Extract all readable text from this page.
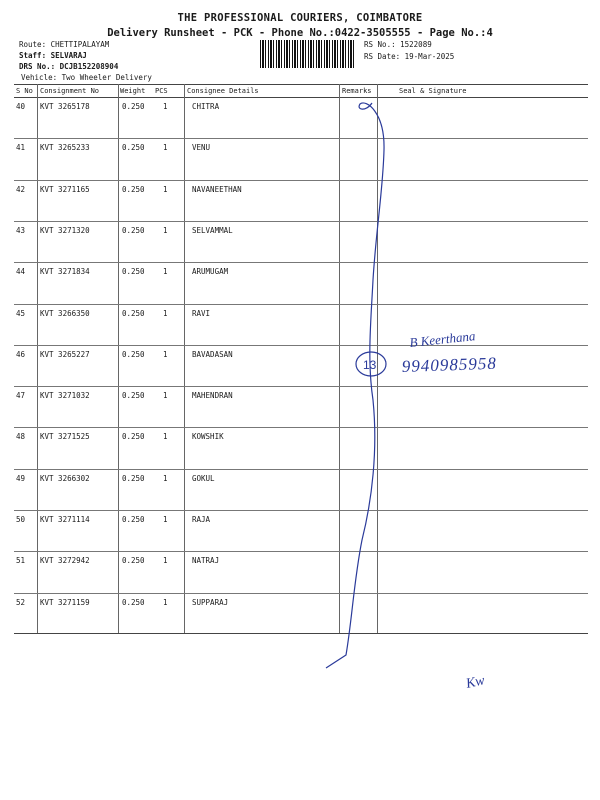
THE PROFESSIONAL COURIERS, COIMBATORE
Delivery Runsheet - PCK - Phone No.:0422-3505555 - Page No.:4
Route: CHETTIPALAYAM
Staff: SELVARAJ
DRS No.: DCJB152208904
Vehicle: Two Wheeler Delivery
RS No.: 1522089
RS Date: 19-Mar-2025
S No Consignment No	Weight PCS	Consignee Details	Remarks	Seal & Signature
40 KVT 3265178	0.250 1	CHITRA
41 KVT 3265233	0.250 1	VENU
42 KVT 3271165	0.250 1	NAVANEETHAN
43 KVT 3271320	0.250 1	SELVAMMAL
44 KVT 3271834	0.250 1	ARUMUGAM
45 KVT 3266350	0.250 1	RAVI
46 KVT 3265227	0.250 1	BAVADASAN
47 KVT 3271032	0.250 1	MAHENDRAN
48 KVT 3271525	0.250 1	KOWSHIK
49 KVT 3266302	0.250 1	GOKUL
50 KVT 3271114	0.250 1	RAJA
51 KVT 3272942	0.250 1	NATRAJ
52 KVT 3271159	0.250 1	SUPPARAJ
13
B Keerthana
9940985958
Kw
